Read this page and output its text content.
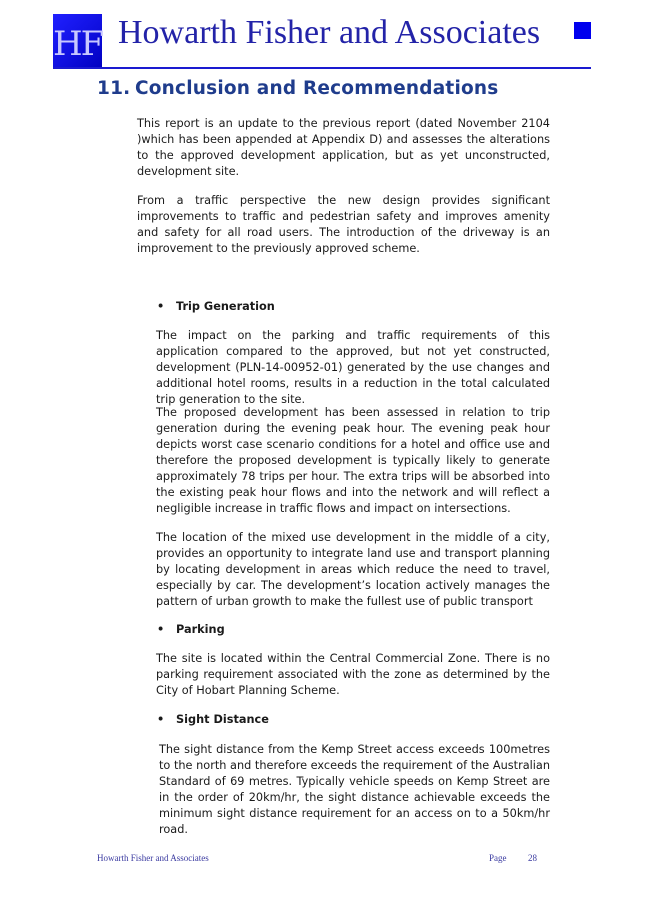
HF Howarth Fisher and Associates
11. Conclusion and Recommendations

This report is an update to the previous report (dated November 2104 )which has been appended at Appendix D) and assesses the alterations to the approved development application, but as yet unconstructed, development site.

From a traffic perspective the new design provides significant improvements to traffic and pedestrian safety and improves amenity and safety for all road users. The introduction of the driveway is an improvement to the previously approved scheme.

• Trip Generation

The impact on the parking and traffic requirements of this application compared to the approved, but not yet constructed, development (PLN-14-00952-01) generated by the use changes and additional hotel rooms, results in a reduction in the total calculated trip generation to the site.

The proposed development has been assessed in relation to trip generation during the evening peak hour. The evening peak hour depicts worst case scenario conditions for a hotel and office use and therefore the proposed development is typically likely to generate approximately 78 trips per hour. The extra trips will be absorbed into the existing peak hour flows and into the network and will reflect a negligible increase in traffic flows and impact on intersections.

The location of the mixed use development in the middle of a city, provides an opportunity to integrate land use and transport planning by locating development in areas which reduce the need to travel, especially by car. The development’s location actively manages the pattern of urban growth to make the fullest use of public transport

• Parking

The site is located within the Central Commercial Zone. There is no parking requirement associated with the zone as determined by the City of Hobart Planning Scheme.

• Sight Distance

The sight distance from the Kemp Street access exceeds 100metres to the north and therefore exceeds the requirement of the Australian Standard of 69 metres. Typically vehicle speeds on Kemp Street are in the order of 20km/hr, the sight distance achievable exceeds the minimum sight distance requirement for an access on to a 50km/hr road.

Howarth Fisher and Associates	Page 28
